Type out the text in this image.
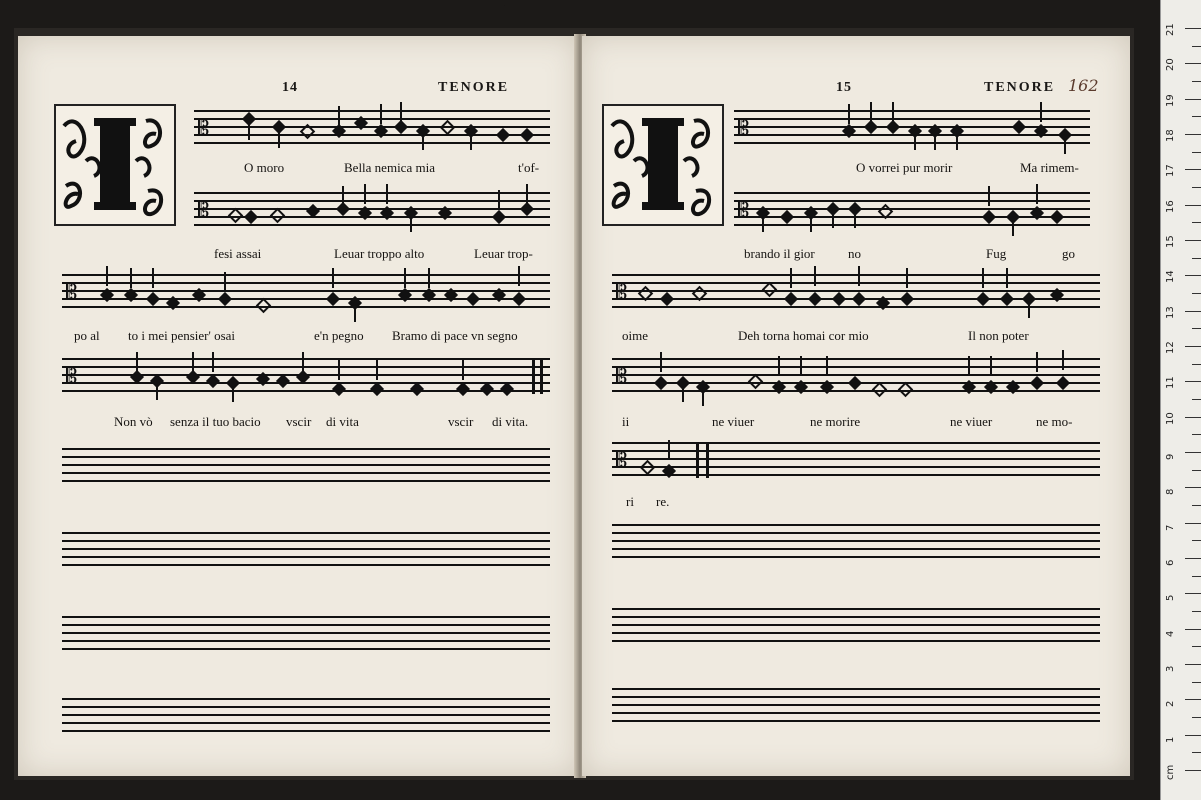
14	TENORE
𝄡
O moro	Bella nemica mia	t'of-
𝄡
fesi assai	Leuar troppo alto	Leuar trop-
𝄡
po al to i mei pensier' osai	e'n pegno Bramo di pace vn segno
𝄡
Non vò senza il tuo bacio vscir di vita	vscir di vita.
15	TENORE 162
I
𝄡
O vorrei pur morir	Ma rimem-
𝄡
brando il gior	no	Fug	go
𝄡
oime	Deh torna homai cor mio	Il non poter
𝄡
ii	ne viuer	ne morire	ne viuer	ne mo-
𝄡
ri re.
1
2
3
4
5
6
7
8
9
10
11
12
13
14
15
16
17
18
19
20
21
cm
